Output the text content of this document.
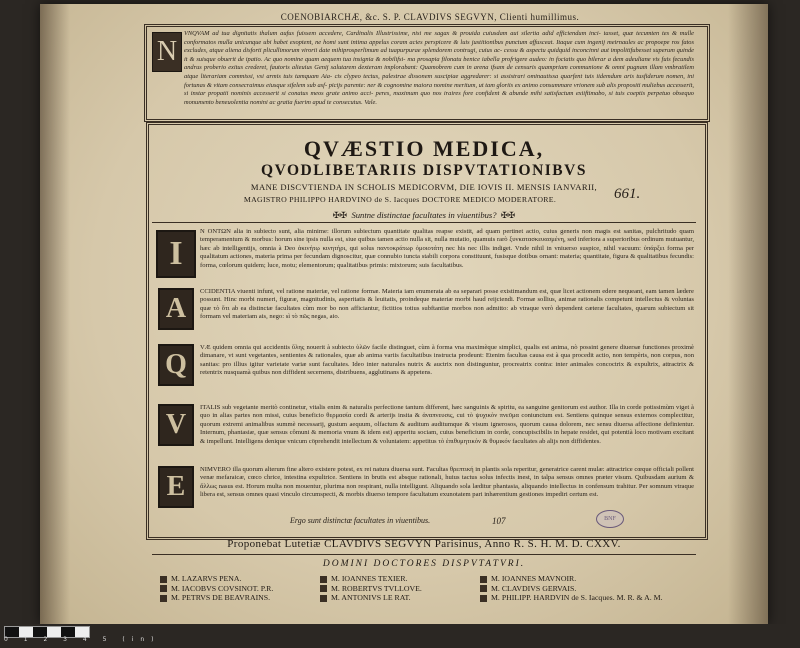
COENOBIARCHÆ, &c. S. P. CLAVDIVS SEGVYN, Clienti humillimus.
N
VNQVAM ad tua dignitatis thalum aufus fuissem accedere, Cardinalis Illustrissime, nisi me sagax & prouida cuiusdam aui silertia adid efficiendum inci- tasset, quæ tecumten tes & mulle conformatos mulla unicunque ubi habet exoptent, ne homi sunt intima appelus coram acies perspicere & luis justitionibus punctum affusceat. Itaque cum ingenij meirnaules ac propoepe ros fatos excludes, atque aliena disforti plicullimorum virorii date mihiprosperlimum ad tuapurpurae splendorem contrugi, cuius ac- cessu & aspectu quidquid inconcinni aut impolitifubesset superum quinde it & suisque obuerit de ipatio. Ac quo nomine quam aequem tua insignia & nobilifsi- ma prosapia filonatu benice iabella profrigere audeo: in fociatis quo bilerar a dem adeuliane vis fuis fecundis andrus proberio exitus crederet, fautoris alieuius Genij salutarem dexteram implorabant: Quamobrem cum in arena ifsam de censuris quampriam communione & omni pugnam illam vmbratilem atque literariam commissi, vsi armis tuis tamquam Aia- cis clypeo tectus, palestrae dissonem suscipiae aggredarer: si assistrari ominautissa quarfent tuis iidemdum aris tusfiderum nomen, ini fortunas & vitam consecraimus eiusque sifelem sub asf- picijs parente: ner & cognomine maiora nomine meritum, ut tam gloriis ex animo consummare vrionem sub alis propositi muliebus accesserit, si instar propatii nominis accesserit si conatus meos grate animo acci- peres, maximum quo nos iraires fore confident & abunde mihi satisfactum exiiftimabo, si tuis coeptis perpetuo obsequo monumento beneuolentia nomini ac gratia fuerim apud te consecutus. Vale.
QVÆSTIO MEDICA,
QVODLIBETARIIS DISPVTATIONIBVS
MANE DISCVTIENDA IN SCHOLIS MEDICORVM, DIE IOVIS II. MENSIS IANVARII,
MAGISTRO PHILIPPO HARDVINO de S. Iacques DOCTORE MEDICO MODERATORE.	661.
✠✠ Suntne distinctae facultates in viuentibus? ✠✠
I
N ONTΩN alia in subiecto sunt, alia minime: illorum subiectum quantitate qualitas reapse existit, ad quam pertinet actio, cuius generis non magis est sanitas, pulchritudo quam temperamentum & morbus: horum sine ipsis nulla est, siue quibus tamen actio nulla sit, nulla mutatio, quamuis rarò ξυνκατασκευασμένη, sed inferiora a superioribus ordinum mutuantur, hæc ab intelligentijs, omnia à Deo ἀκινήτῳ κινητήρι, qui solus παντοκράτωρ ὁμοιοτάτη nec his nec illis indiget. Vnde nihil in vniuerso suspice, nihil vacuum: ὑπάρξει forma per qualitatum actiones, materia prima per fecundam dignoscitur, quæ connubio iuncta stabili corpora constituunt, fusisque dotibus ornant: materia; quantitate, figura & qualitatibus fecundis: forma, cœlorum quidem; luce, motu; elementorum; qualitatibus primis: mixtorum; suis facultatibus.
A
CCIDENTIA viuenti infunt, vel ratione materiæ, vel ratione formæ. Materia iam enumerata ab ea separari posse existimandum est, quæ licet actionem edere nequeant, eam tamen lædere possunt. Hinc morbi numeri, figuræ, magnitudinis, asperitatis & leuitatis, proindeque materiæ morbi haud reijciendi. Formæ sollius, animæ rationalis competunt intellectus & voluntas quæ τὸ ὅτι ab ea distinctæ facultates cùm mor bo non afficiantur, fictitios totius subftantiæ morbos non admitto: ab vtraque verò dependent cæteræ facultates, quarum subiectum sit formam vel materiam ais, nego: sì τὸ πῶς negas, aio.
Q
VÆ quidem omnia qui accidentis ὕλης nouerit à subiecto ὑλῶν facile distinguet, cùm à forma vna maximèque simplici, qualis est anima, nò possint genere diuersæ functiones proximè dimanare, vt sunt vegetantes, sentientes & rationales, quæ ab anima variis facultatibus instructa prodeunt: Etenim facultas causa est à qua procedit actio, non tempèris, non corpus, non sanitas: pro illius igitur varietate variæ sunt facultates. Ideo inter naturales nutrix & auctrix non distinguntur, procreatrix contra: inter animales concoctrix & expultrix, attractrix & retentrix nusquamà quibus non diffident secernens, distribuens, agglutinans & appetens.
V
ITALIS sub vegetante meritò continetur, vitalis enim & naturalis perfectione tantum different, hæc sanguinis & spiritu, ea sanguine genitorum est author. Illa in corde potissimùm viget à quo in alias partes non missi, cuius beneficio θερμασία cordi & arterijs insita & ἀναπνευσις, cui τὸ ψυχικὸν πνεῦμα coniunctum est. Sentiens quinque sensus externos complectitur, quorum extremi animalibus summè necessarij, gustum aequum, olfactum & auditum auditumque & visum ignerosos, quorum causa dolorem, nec sensu diuersa affectione definientur. Internum, phantasiæ, quæ sensus cômuni & memoria vnum & idem est) apperitu sociam, cuius beneficium in corde, concupiscibilis in hepate residet, qui potentià loco motivam excitant & impellunt. Intelligens denique vnicum cöprehendit intellectum & voluntatem: appetitus τὸ ἐπιθυμητικόν & θυμικόν facultates ab alijs non diffidentes.
E
NIMVERO illa quorum alterum fine altero existere potest, ex rei natura diuersa sunt. Facultas θρεπτική in plantis sola reperitur, generatrice carent mulæ: attractrice cœque officiali pollent venæ mefaraicæ, cœco chrice, intestina expultrice. Sentiens in brutis est absque rationali, huius tactus solus infectis inest, in talpa sensus omnes præter visum. Quibusdam aurium & ἄλλως nasus est. Horum multa non mouentur, plurima non respirant, nulla intelligunt. Aliquando sola læditur phantasia, aliquando intellectus in confensum trahitur. Per somnum vtraque libera est, sensus omnes quasi vinculo circumspecti, & morbis diuerso tempore facultatum exunotatem pari inhærentium gestiones impediri certum est.
Ergo sunt distinctæ facultates in viuentibus.	107	BNF
Proponebat Lutetiæ CLAVDIVS SEGVYN Parisinus, Anno R. S. H. M. D. CXXV.
DOMINI DOCTORES DISPVTATVRI.
M. LAZARVS PENA.
M. IACOBVS COVSINOT. P.R.
M. PETRVS DE BEAVRAINS.
M. IOANNES TEXIER.
M. ROBERTVS TVLLOVE.
M. ANTONIVS LE RAT.
M. IOANNES MAVNOIR.
M. CLAVDIVS GERVAIS.
M. PHILIPP. HARDVIN de S. Iacques. M. R. & A. M.
0 1 2 3 4 5 (in)
